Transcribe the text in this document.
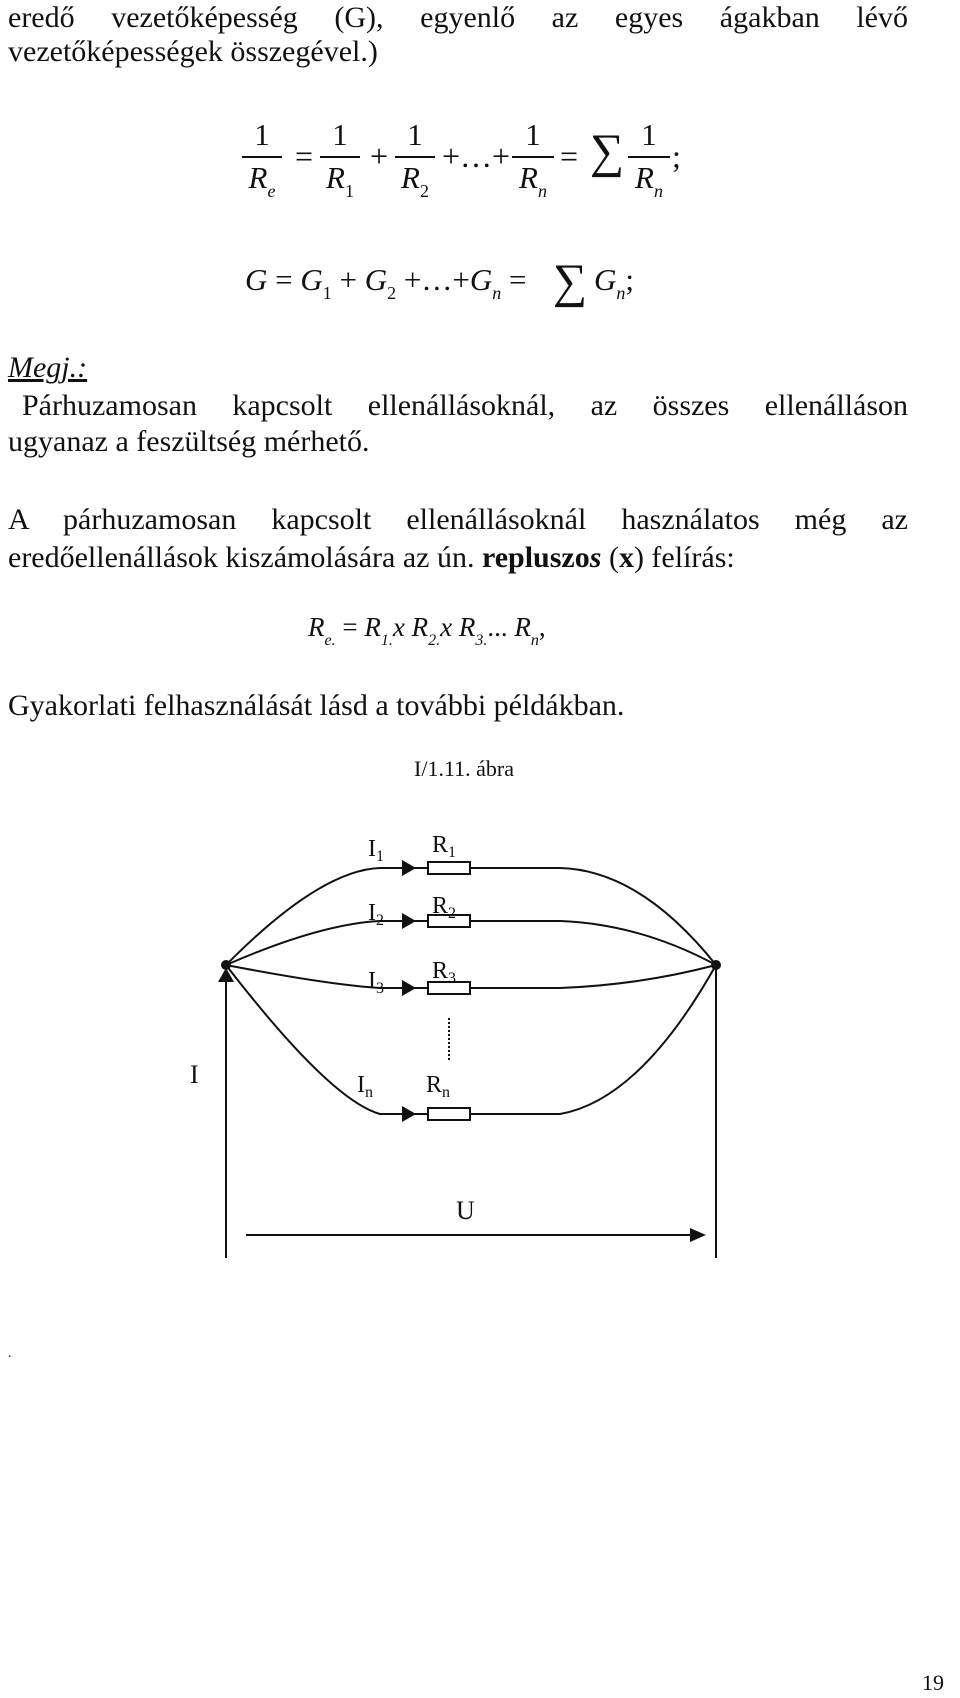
eredő vezetőképesség (G), egyenlő az egyes ágakban lévő
vezetőképességek összegével.)
1
$R_e$
=
1
$R_1$
+
1
$R_2$
+…+
1
$R_n$
= ∑ 1
$R_n$
;
$G = G_1 + G_2$ $+\dots+G_n$ = ∑ $G_n$;
Megj.:
Párhuzamosan kapcsolt ellenállásoknál, az összes ellenálláson
ugyanaz a feszültség mérhető.
A párhuzamosan kapcsolt ellenállásoknál használatos még az
eredőellenállások kiszámolására az ún. repluszos (x) felírás:
$R_{e.} = R_{1.}x$ $R_{2.}x$ $R_{3.}$... $R_n$,
Gyakorlati felhasználását lásd a további példákban.
I/1.11. ábra
$I_1$
$I_2$
$I_3$
$I_n$
$R_1$
$R_2$
$R_3$
$R_n$
I
U
.
19
